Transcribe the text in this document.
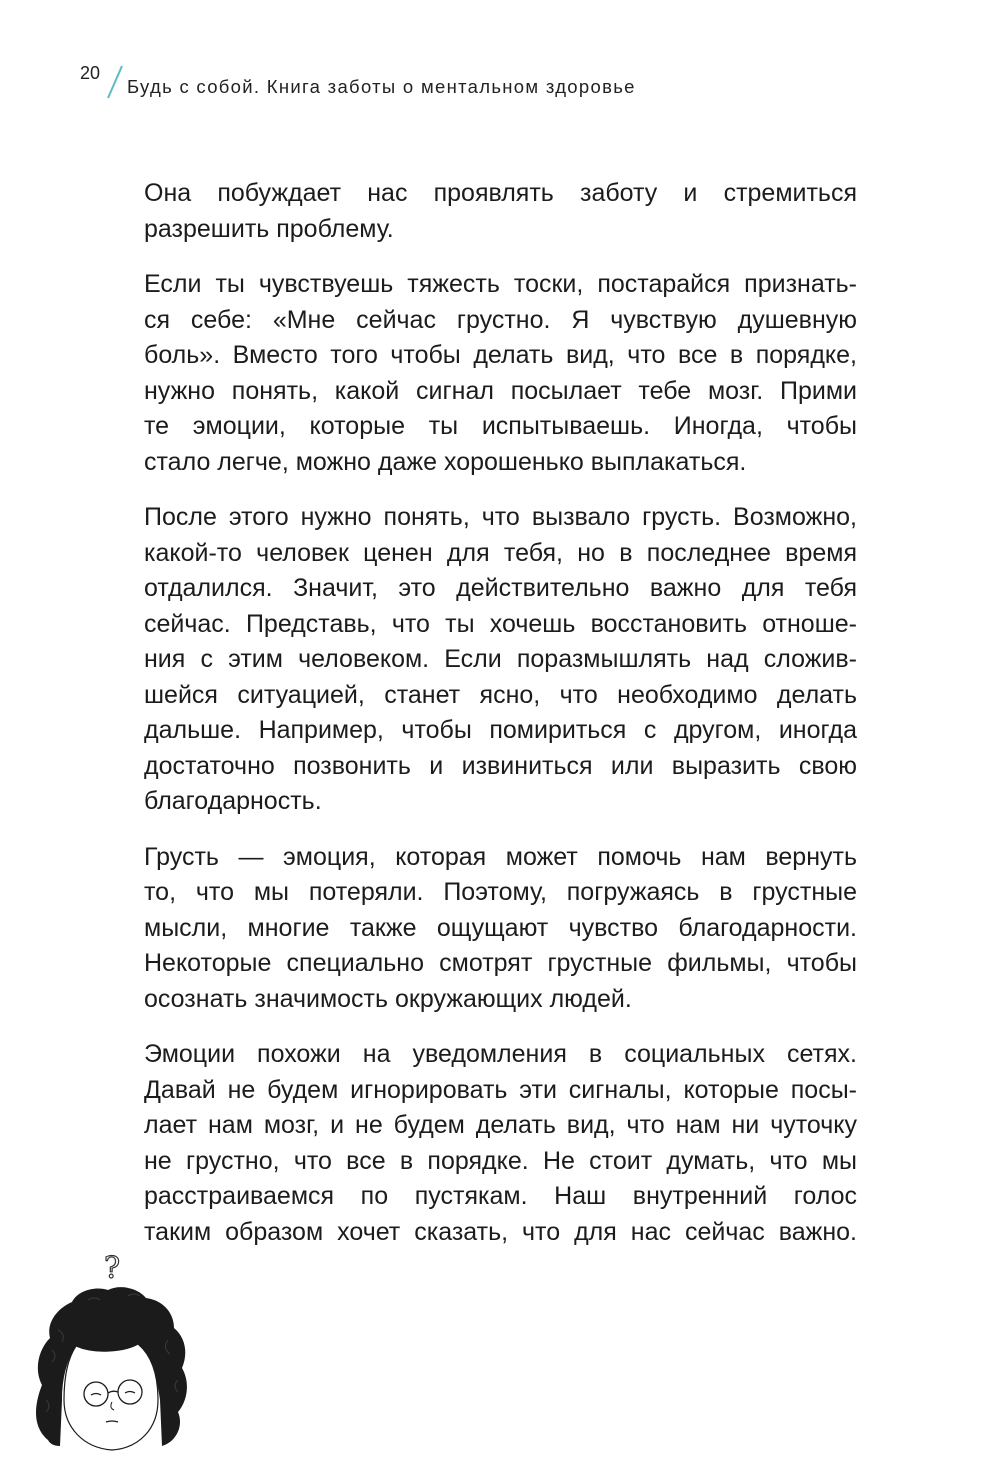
20
Будь с собой. Книга заботы о ментальном здоровье

Она побуждает нас проявлять заботу и стремиться
разрешить проблему.

Если ты чувствуешь тяжесть тоски, постарайся признать-
ся себе: «Мне сейчас грустно. Я чувствую душевную
боль». Вместо того чтобы делать вид, что все в порядке,
нужно понять, какой сигнал посылает тебе мозг. Прими
те эмоции, которые ты испытываешь. Иногда, чтобы
стало легче, можно даже хорошенько выплакаться.

После этого нужно понять, что вызвало грусть. Возможно,
какой-то человек ценен для тебя, но в последнее время
отдалился. Значит, это действительно важно для тебя
сейчас. Представь, что ты хочешь восстановить отноше-
ния с этим человеком. Если поразмышлять над сложив-
шейся ситуацией, станет ясно, что необходимо делать
дальше. Например, чтобы помириться с другом, иногда
достаточно позвонить и извиниться или выразить свою
благодарность.

Грусть — эмоция, которая может помочь нам вернуть
то, что мы потеряли. Поэтому, погружаясь в грустные
мысли, многие также ощущают чувство благодарности.
Некоторые специально смотрят грустные фильмы, чтобы
осознать значимость окружающих людей.

Эмоции похожи на уведомления в социальных сетях.
Давай не будем игнорировать эти сигналы, которые посы-
лает нам мозг, и не будем делать вид, что нам ни чуточку
не грустно, что все в порядке. Не стоит думать, что мы
расстраиваемся по пустякам. Наш внутренний голос
таким образом хочет сказать, что для нас сейчас важно.

?
